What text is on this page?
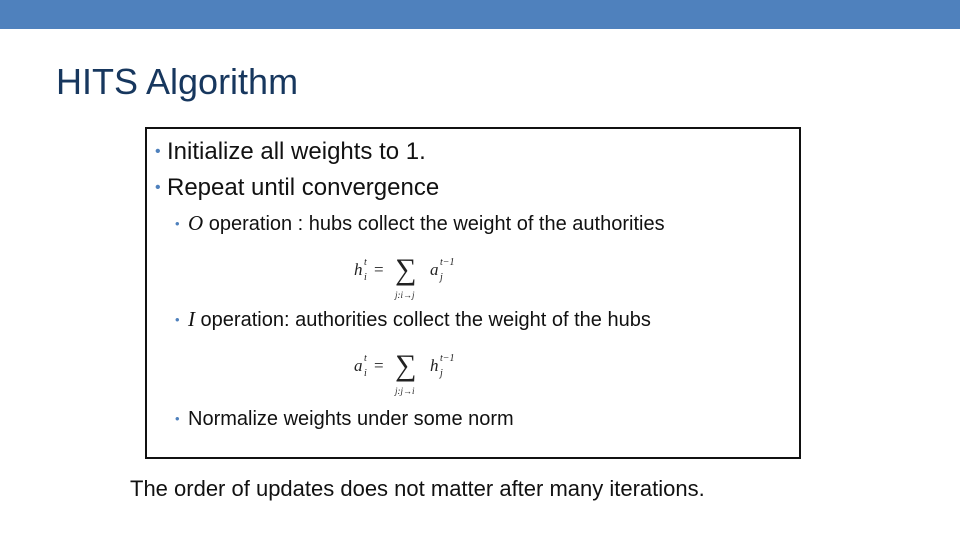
HITS Algorithm
• Initialize all weights to 1.
• Repeat until convergence
• O operation : hubs collect the weight of the authorities
h t
i = ∑
j:i→j
a t−1
j
• I operation: authorities collect the weight of the hubs
a t
i = ∑
j:j→i
h t−1
j
• Normalize weights under some norm
The order of updates does not matter after many iterations.
